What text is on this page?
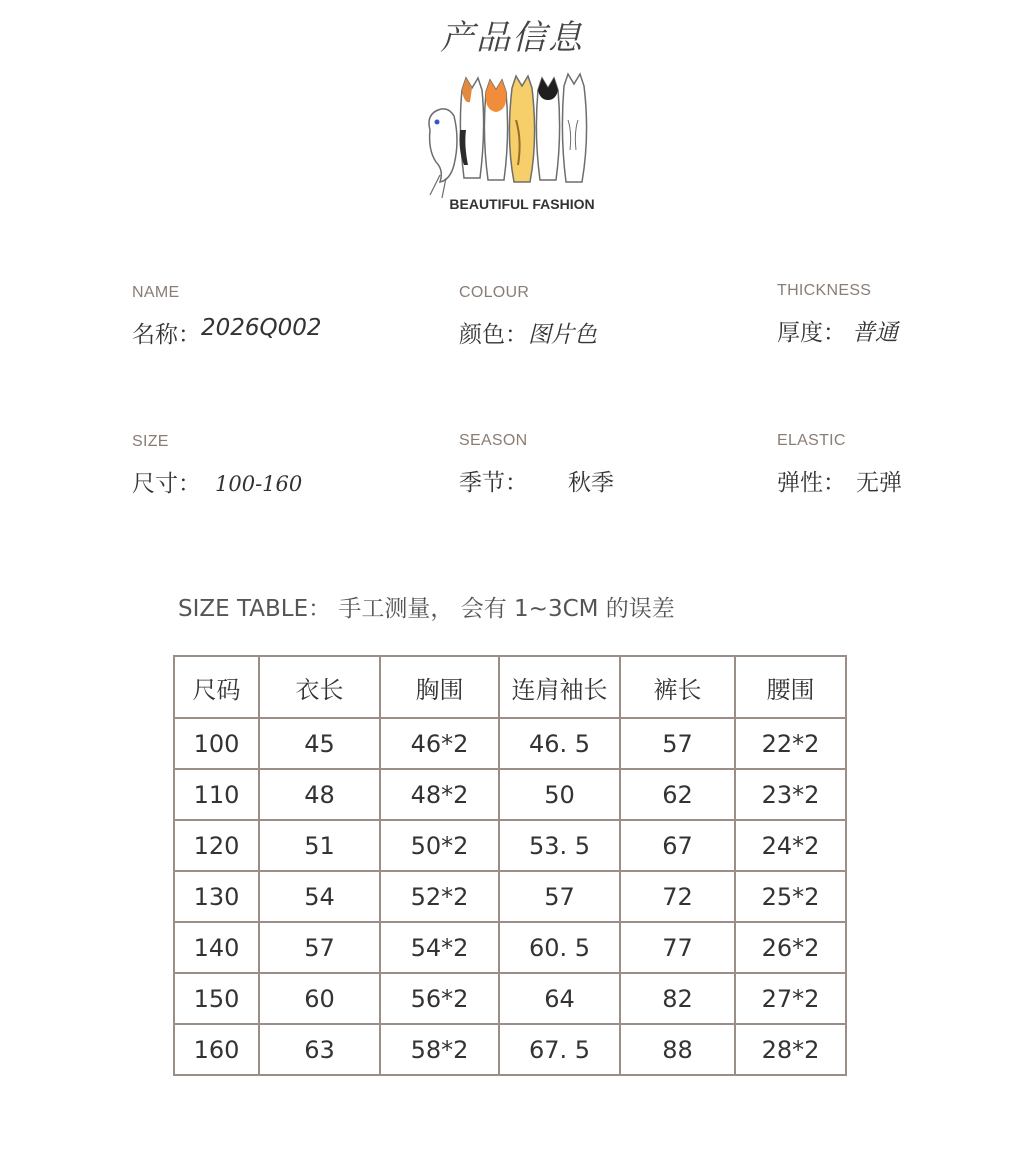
产品信息
BEAUTIFUL FASHION
NAME
名称：2026Q002
COLOUR
颜色：图片色
THICKNESS
厚度： 普通
SIZE
尺寸： 100-160
SEASON
季节： 秋季
ELASTIC
弹性： 无弹
SIZE TABLE： 手工测量， 会有 1~3CM 的误差
尺码	衣长	胸围	连肩袖长	裤长	腰围
100	45	46*2	46. 5	57	22*2
110	48	48*2	50	62	23*2
120	51	50*2	53. 5	67	24*2
130	54	52*2	57	72	25*2
140	57	54*2	60. 5	77	26*2
150	60	56*2	64	82	27*2
160	63	58*2	67. 5	88	28*2
